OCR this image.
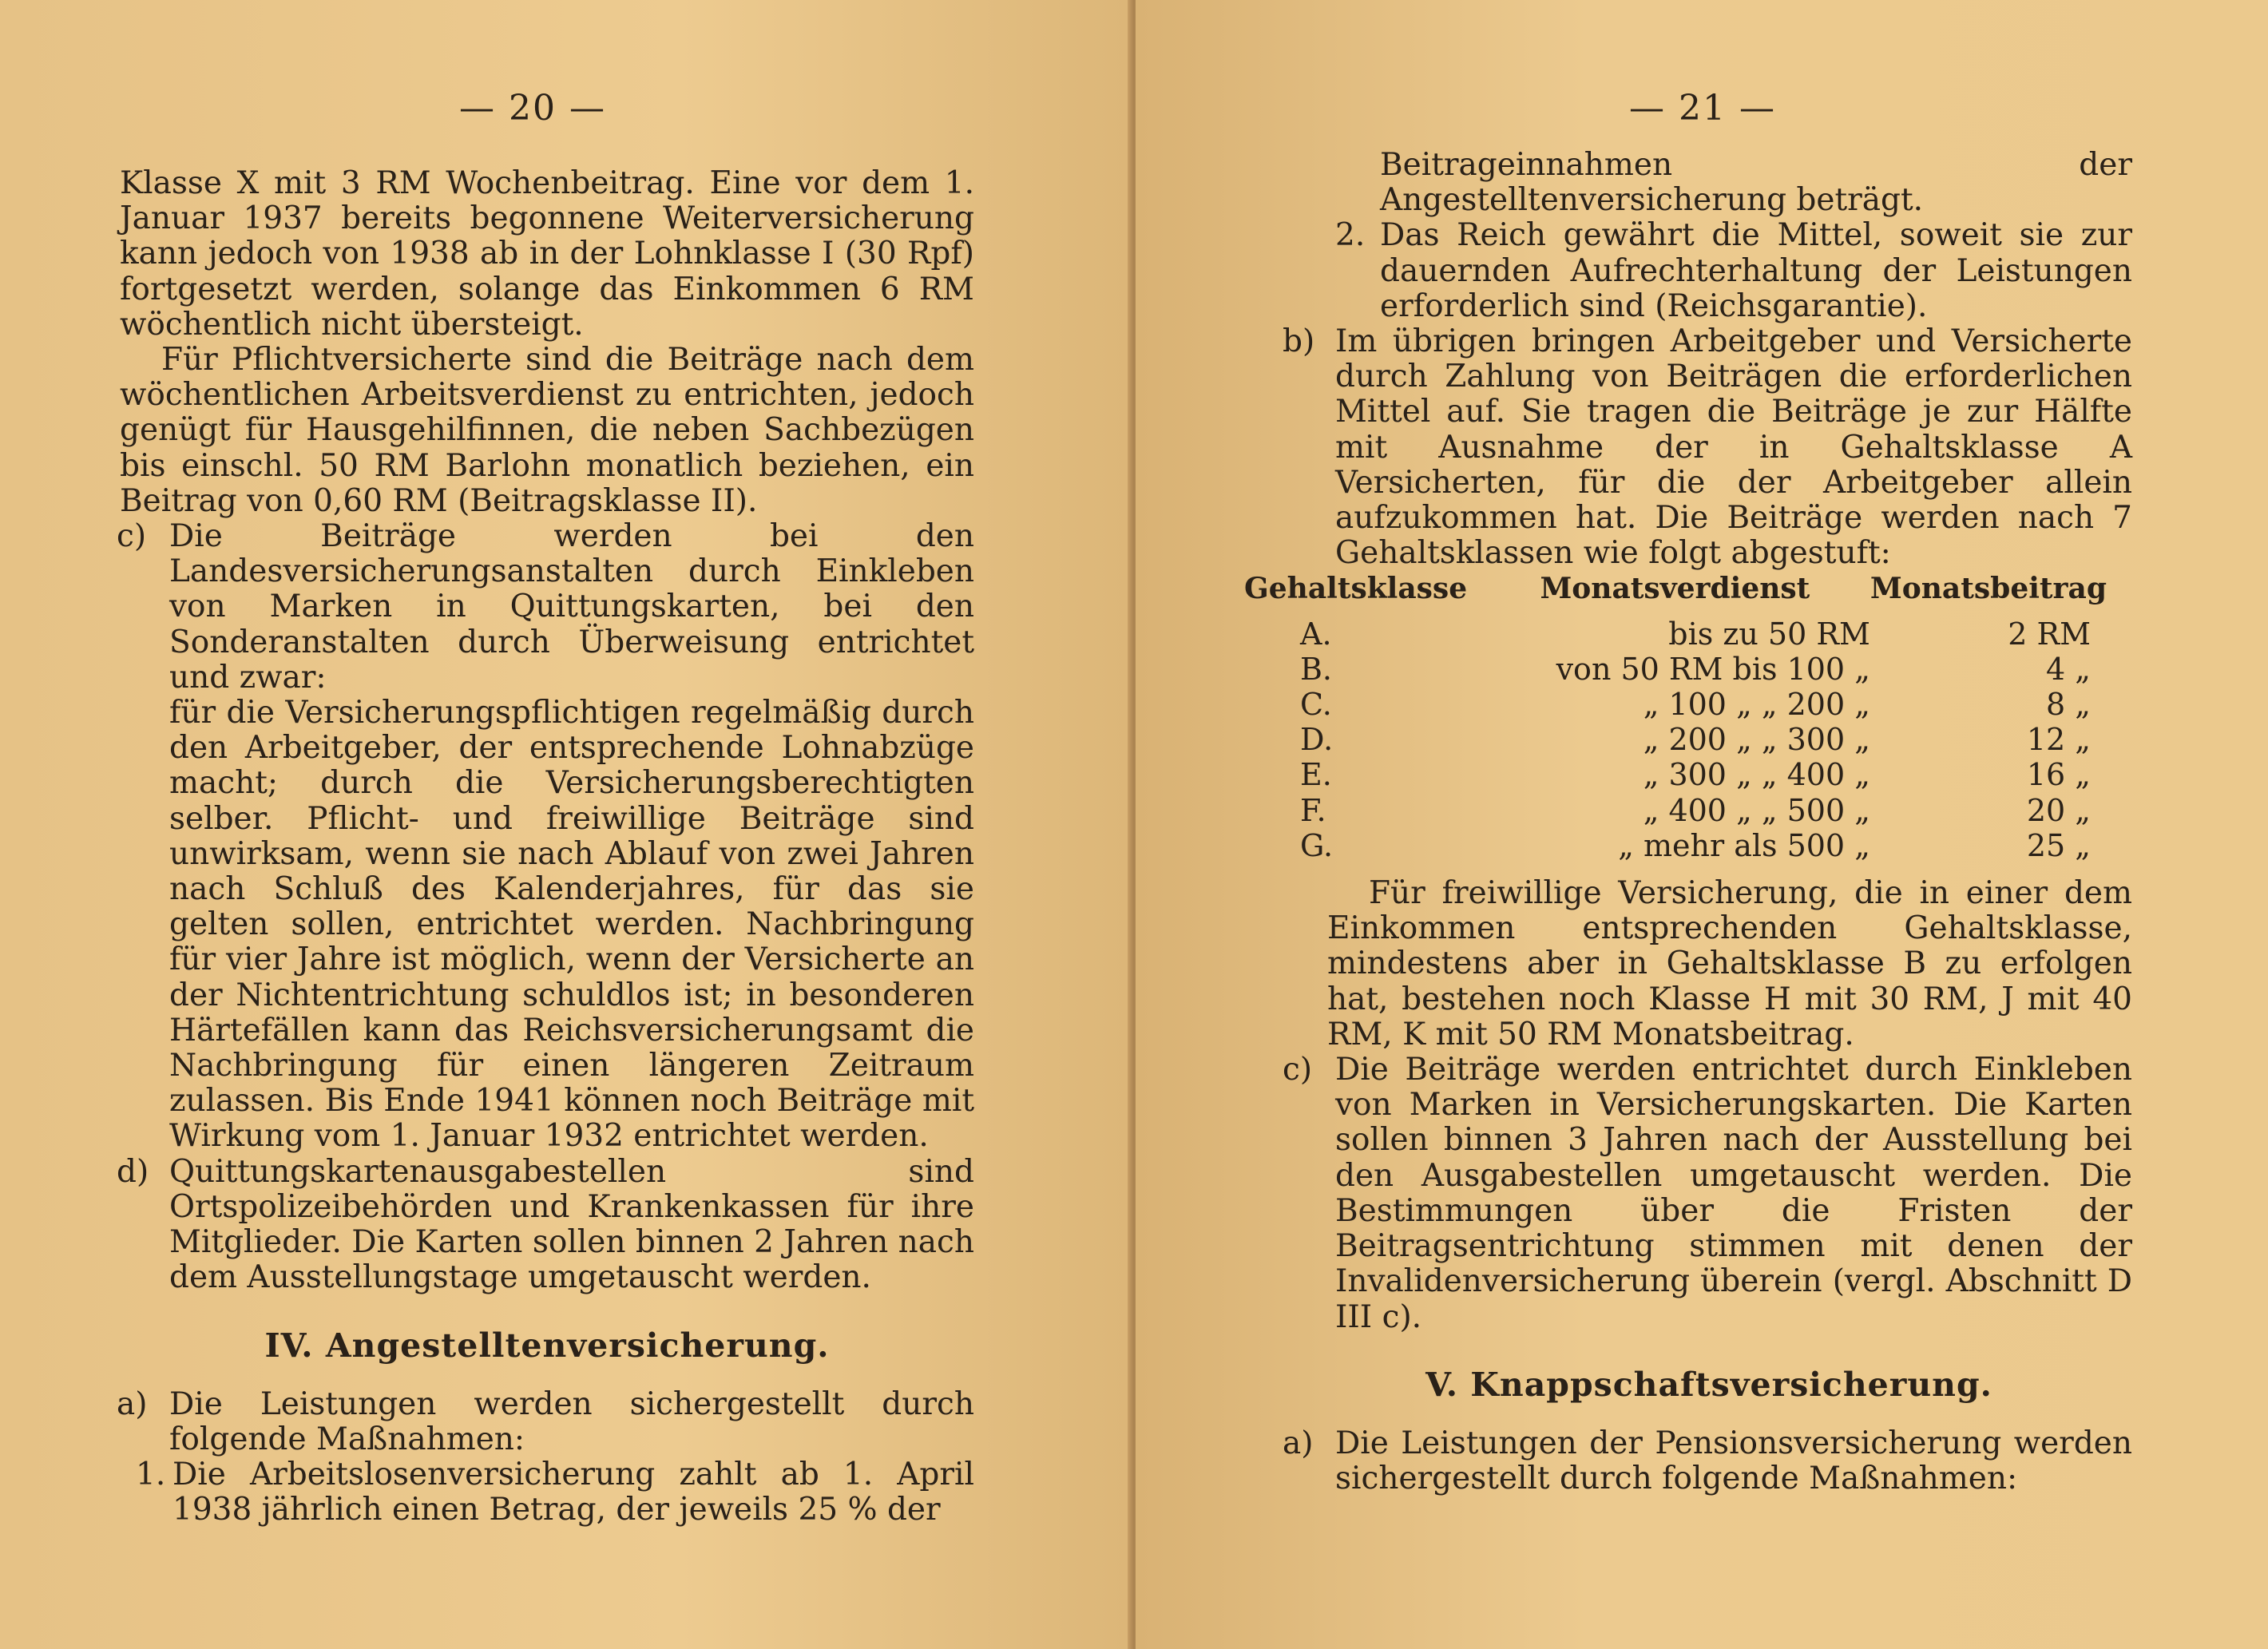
— 20 —

Klasse X mit 3 RM Wochenbeitrag. Eine vor dem 1. Januar 1937 bereits begonnene Weiterversicherung kann jedoch von 1938 ab in der Lohnklasse I (30 Rpf) fortgesetzt werden, solange das Einkommen 6 RM wöchentlich nicht übersteigt.

Für Pflichtversicherte sind die Beiträge nach dem wöchentlichen Arbeitsverdienst zu entrichten, jedoch genügt für Hausgehilfinnen, die neben Sachbezügen bis einschl. 50 RM Barlohn monatlich beziehen, ein Beitrag von 0,60 RM (Beitragsklasse II).

c) Die Beiträge werden bei den Landesversicherungsanstalten durch Einkleben von Marken in Quittungskarten, bei den Sonderanstalten durch Überweisung entrichtet und zwar:
für die Versicherungspflichtigen regelmäßig durch den Arbeitgeber, der entsprechende Lohnabzüge macht; durch die Versicherungsberechtigten selber. Pflicht- und freiwillige Beiträge sind unwirksam, wenn sie nach Ablauf von zwei Jahren nach Schluß des Kalenderjahres, für das sie gelten sollen, entrichtet werden. Nachbringung für vier Jahre ist möglich, wenn der Versicherte an der Nichtentrichtung schuldlos ist; in besonderen Härtefällen kann das Reichsversicherungsamt die Nachbringung für einen längeren Zeitraum zulassen. Bis Ende 1941 können noch Beiträge mit Wirkung vom 1. Januar 1932 entrichtet werden.
d) Quittungskartenausgabestellen sind Ortspolizeibehörden und Krankenkassen für ihre Mitglieder. Die Karten sollen binnen 2 Jahren nach dem Ausstellungstage umgetauscht werden.
IV. Angestelltenversicherung.
a) Die Leistungen werden sichergestellt durch folgende Maßnahmen:
1. Die Arbeitslosenversicherung zahlt ab 1. April 1938 jährlich einen Betrag, der jeweils 25 % der
— 21 —
Beitrageinnahmen der Angestelltenversicherung beträgt.
2. Das Reich gewährt die Mittel, soweit sie zur dauernden Aufrechterhaltung der Leistungen erforderlich sind (Reichsgarantie).
b) Im übrigen bringen Arbeitgeber und Versicherte durch Zahlung von Beiträgen die erforderlichen Mittel auf. Sie tragen die Beiträge je zur Hälfte mit Ausnahme der in Gehaltsklasse A Versicherten, für die der Arbeitgeber allein aufzukommen hat. Die Beiträge werden nach 7 Gehaltsklassen wie folgt abgestuft:
Gehaltsklasse	Monatsverdienst	Monatsbeitrag
A.	bis zu 50 RM	2 RM
B.	von 50 RM bis 100 „	4 „
C.	„ 100 „ „ 200 „	8 „
D.	„ 200 „ „ 300 „	12 „
E.	„ 300 „ „ 400 „	16 „
F.	„ 400 „ „ 500 „	20 „
G.	„ mehr als 500 „	25 „

Für freiwillige Versicherung, die in einer dem Einkommen entsprechenden Gehaltsklasse, mindestens aber in Gehaltsklasse B zu erfolgen hat, bestehen noch Klasse H mit 30 RM, J mit 40 RM, K mit 50 RM Monatsbeitrag.

c) Die Beiträge werden entrichtet durch Einkleben von Marken in Versicherungskarten. Die Karten sollen binnen 3 Jahren nach der Ausstellung bei den Ausgabestellen umgetauscht werden. Die Bestimmungen über die Fristen der Beitragsentrichtung stimmen mit denen der Invalidenversicherung überein (vergl. Abschnitt D III c).
V. Knappschaftsversicherung.
a) Die Leistungen der Pensionsversicherung werden sichergestellt durch folgende Maßnahmen:
